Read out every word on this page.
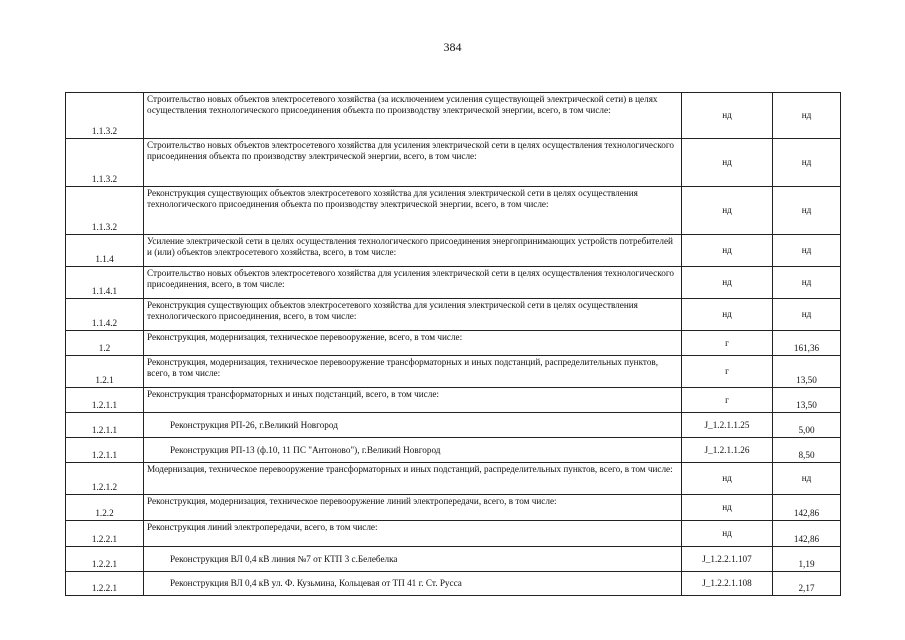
384
1.1.3.2	Строительство новых объектов электросетевого хозяйства (за исключением усиления существующей электрической сети) в целях осуществления технологического присоединения объекта по производству электрической энергии, всего, в том числе:	нд	нд
1.1.3.2	Строительство новых объектов электросетевого хозяйства для усиления электрической сети в целях осуществления технологического присоединения объекта по производству электрической энергии, всего, в том числе:	нд	нд
1.1.3.2	Реконструкция существующих объектов электросетевого хозяйства для усиления электрической сети в целях осуществления технологического присоединения объекта по производству электрической энергии, всего, в том числе:	нд	нд
1.1.4	Усиление электрической сети в целях осуществления технологического присоединения энергопринимающих устройств потребителей и (или) объектов электросетевого хозяйства, всего, в том числе:	нд	нд
1.1.4.1	Строительство новых объектов электросетевого хозяйства для усиления электрической сети в целях осуществления технологического присоединения, всего, в том числе:	нд	нд
1.1.4.2	Реконструкция существующих объектов электросетевого хозяйства для усиления электрической сети в целях осуществления технологического присоединения, всего, в том числе:	нд	нд
1.2	Реконструкция, модернизация, техническое перевооружение, всего, в том числе:	г	161,36
1.2.1	Реконструкция, модернизация, техническое перевооружение трансформаторных и иных подстанций, распределительных пунктов, всего, в том числе:	г	13,50
1.2.1.1	Реконструкция трансформаторных и иных подстанций, всего, в том числе:	г	13,50
1.2.1.1	Реконструкция РП-26, г.Великий Новгород	J_1.2.1.1.25	5,00
1.2.1.1	Реконструкция РП-13 (ф.10, 11 ПС "Антоново"), г.Великий Новгород	J_1.2.1.1.26	8,50
1.2.1.2	Модернизация, техническое перевооружение трансформаторных и иных подстанций, распределительных пунктов, всего, в том числе:	нд	нд
1.2.2	Реконструкция, модернизация, техническое перевооружение линий электропередачи, всего, в том числе:	нд	142,86
1.2.2.1	Реконструкция линий электропередачи, всего, в том числе:	нд	142,86
1.2.2.1	Реконструкция ВЛ 0,4 кВ линия №7 от КТП 3 с.Белебелка	J_1.2.2.1.107	1,19
1.2.2.1	Реконструкция ВЛ 0,4 кВ ул. Ф. Кузьмина, Кольцевая от ТП 41 г. Ст. Русса	J_1.2.2.1.108	2,17
